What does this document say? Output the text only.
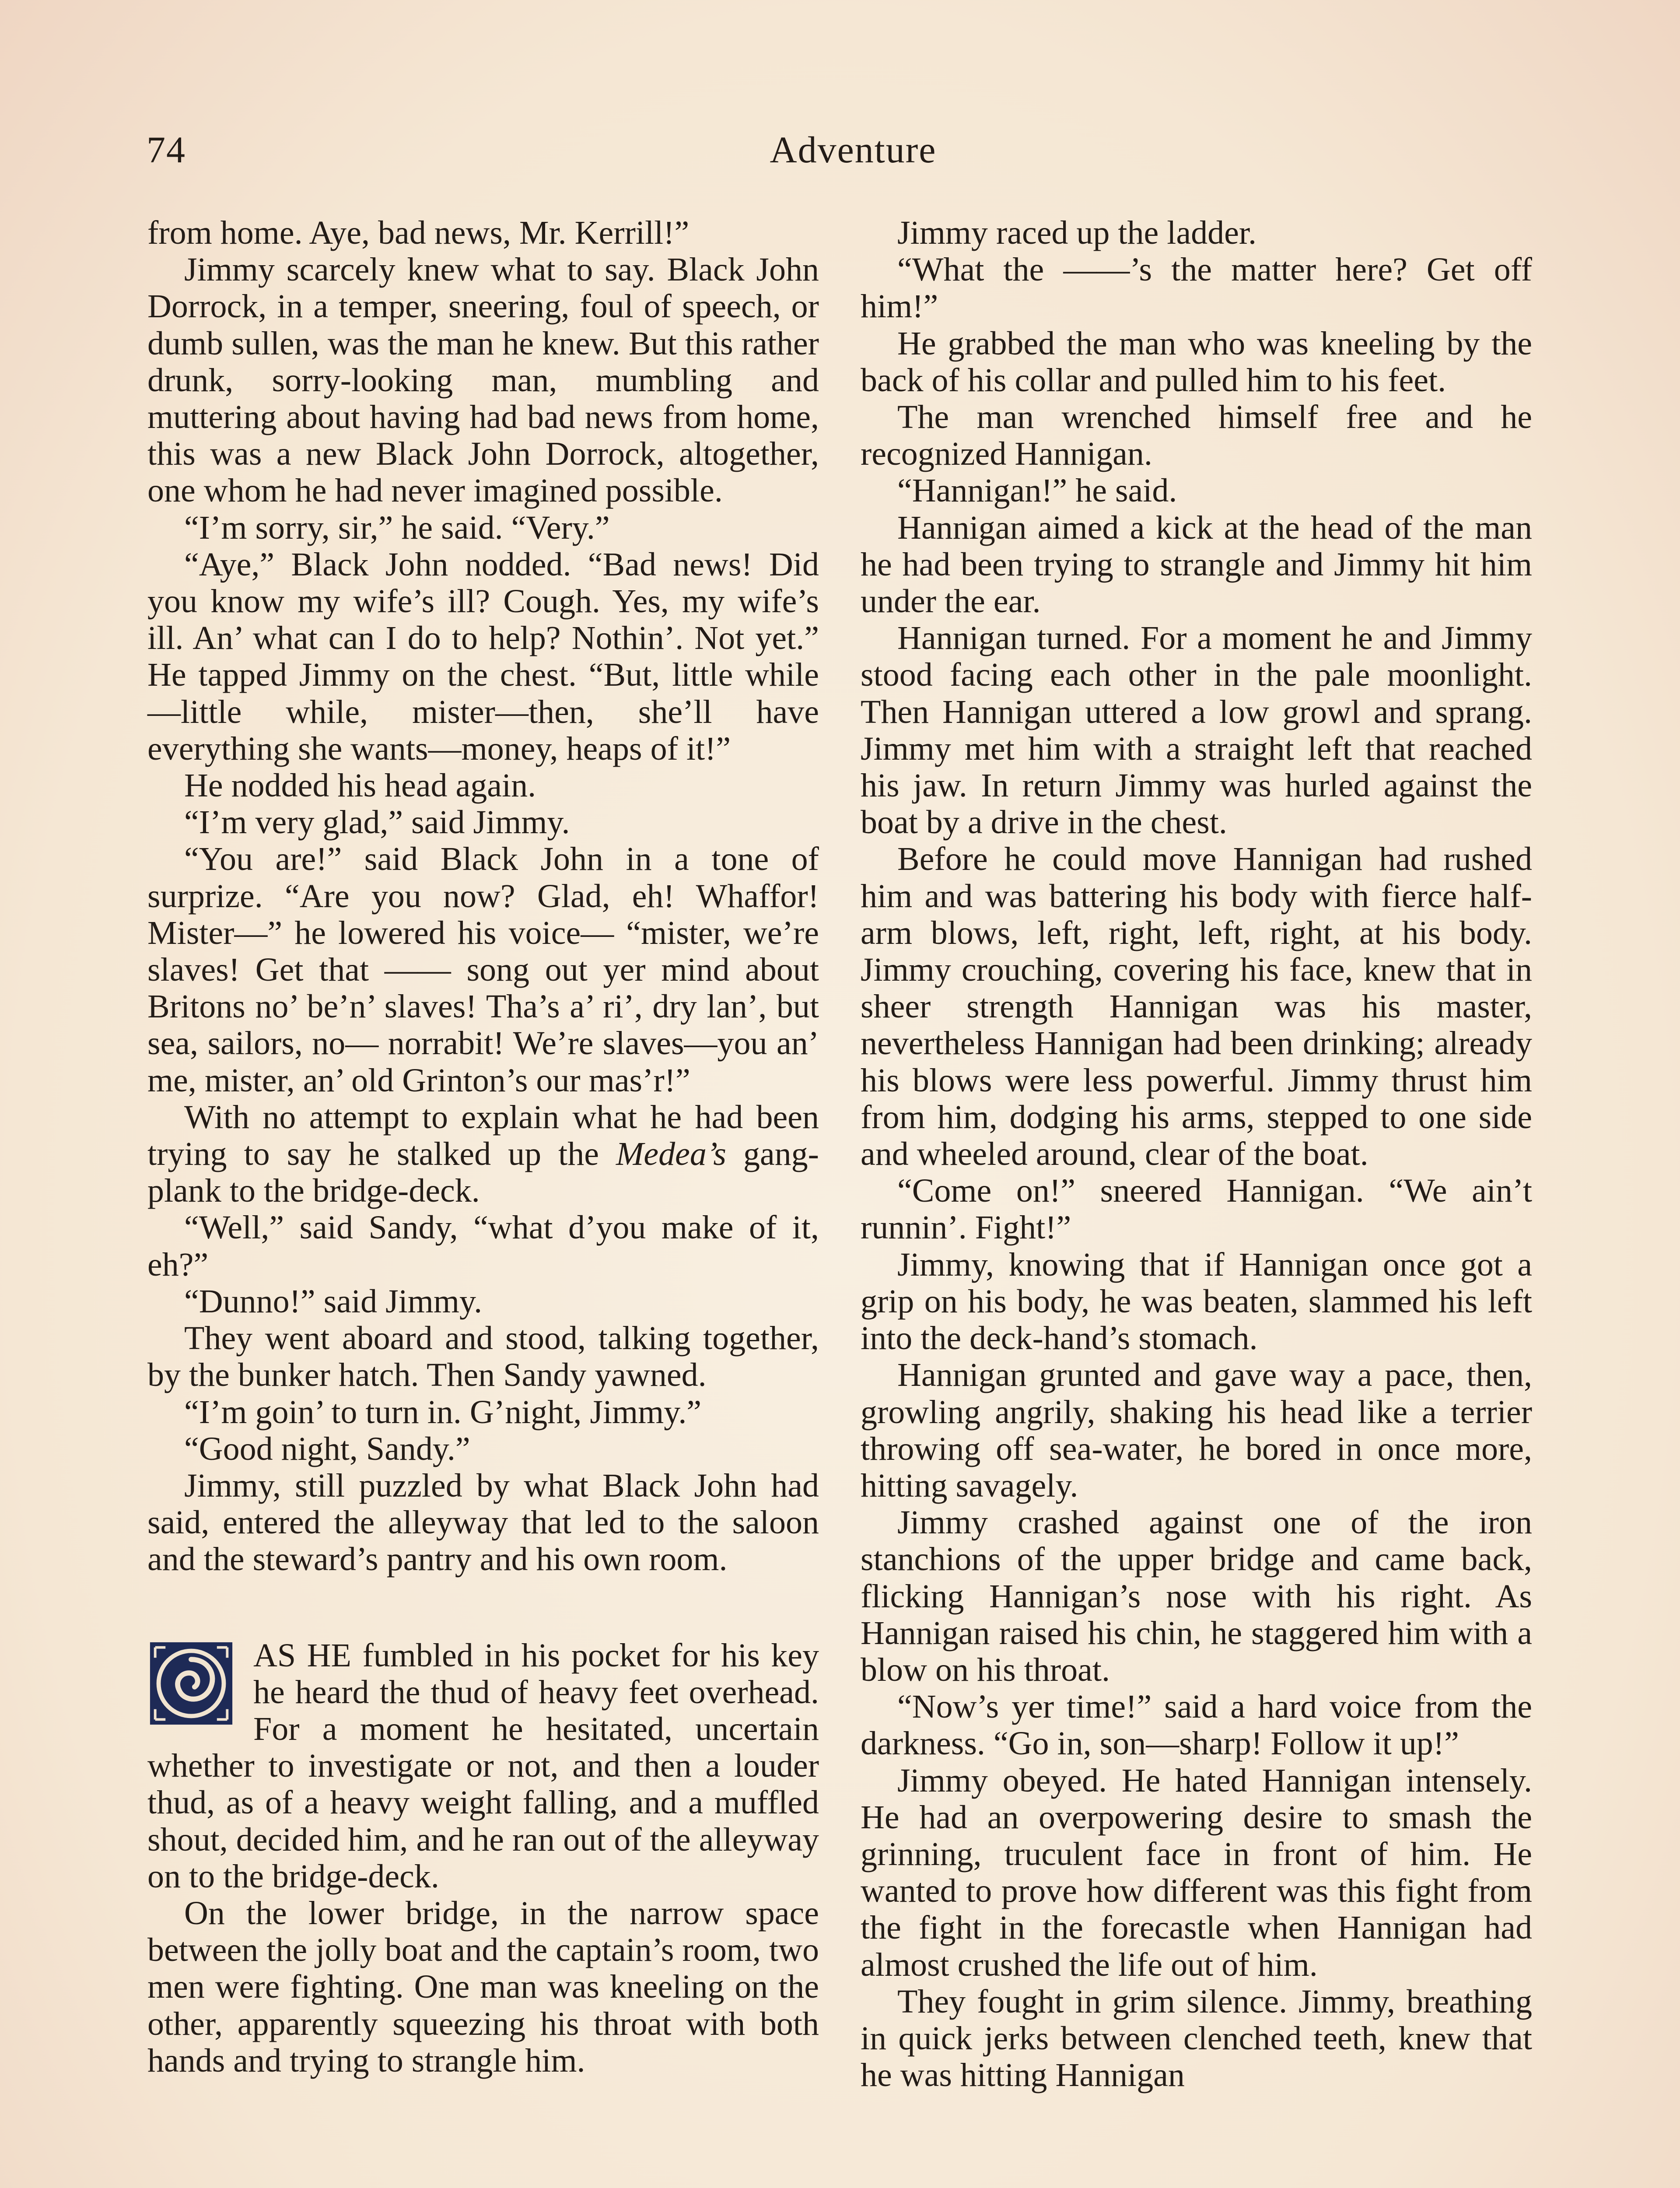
74	Adventure

from home. Aye, bad news, Mr. Kerrill!”

Jimmy scarcely knew what to say. Black John Dorrock, in a temper, sneering, foul of speech, or dumb sullen, was the man he knew. But this rather drunk, sorry-looking man, mumbling and muttering about having had bad news from home, this was a new Black John Dorrock, altogether, one whom he had never imagined possible.

“I’m sorry, sir,” he said. “Very.”

“Aye,” Black John nodded. “Bad news! Did you know my wife’s ill? Cough. Yes, my wife’s ill. An’ what can I do to help? Nothin’. Not yet.” He tapped Jimmy on the chest. “But, little while—little while, mister—then, she’ll have everything she wants—money, heaps of it!”

He nodded his head again.

“I’m very glad,” said Jimmy.

“You are!” said Black John in a tone of surprize. “Are you now? Glad, eh! Whaffor! Mister—” he lowered his voice— “mister, we’re slaves! Get that —— song out yer mind about Britons no’ be’n’ slaves! Tha’s a’ ri’, dry lan’, but sea, sailors, no— norrabit! We’re slaves—you an’ me, mister, an’ old Grinton’s our mas’r!”

With no attempt to explain what he had been trying to say he stalked up the Medea’s gang-plank to the bridge-deck.

“Well,” said Sandy, “what d’you make of it, eh?”

“Dunno!” said Jimmy.

They went aboard and stood, talking together, by the bunker hatch. Then Sandy yawned.

“I’m goin’ to turn in. G’night, Jimmy.”

“Good night, Sandy.”

Jimmy, still puzzled by what Black John had said, entered the alleyway that led to the saloon and the steward’s pantry and his own room.

AS HE fumbled in his pocket for his key he heard the thud of heavy feet overhead. For a moment he hesitated, uncertain whether to investigate or not, and then a louder thud, as of a heavy weight falling, and a muffled shout, decided him, and he ran out of the alleyway on to the bridge-deck.

On the lower bridge, in the narrow space between the jolly boat and the captain’s room, two men were fighting. One man was kneeling on the other, apparently squeezing his throat with both hands and trying to strangle him.

Jimmy raced up the ladder.

“What the ——’s the matter here? Get off him!”

He grabbed the man who was kneeling by the back of his collar and pulled him to his feet.

The man wrenched himself free and he recognized Hannigan.

“Hannigan!” he said.

Hannigan aimed a kick at the head of the man he had been trying to strangle and Jimmy hit him under the ear.

Hannigan turned. For a moment he and Jimmy stood facing each other in the pale moonlight. Then Hannigan uttered a low growl and sprang. Jimmy met him with a straight left that reached his jaw. In return Jimmy was hurled against the boat by a drive in the chest.

Before he could move Hannigan had rushed him and was battering his body with fierce half-arm blows, left, right, left, right, at his body. Jimmy crouching, covering his face, knew that in sheer strength Hannigan was his master, nevertheless Hannigan had been drinking; already his blows were less powerful. Jimmy thrust him from him, dodging his arms, stepped to one side and wheeled around, clear of the boat.

“Come on!” sneered Hannigan. “We ain’t runnin’. Fight!”

Jimmy, knowing that if Hannigan once got a grip on his body, he was beaten, slammed his left into the deck-hand’s stomach.

Hannigan grunted and gave way a pace, then, growling angrily, shaking his head like a terrier throwing off sea-water, he bored in once more, hitting savagely.

Jimmy crashed against one of the iron stanchions of the upper bridge and came back, flicking Hannigan’s nose with his right. As Hannigan raised his chin, he staggered him with a blow on his throat.

“Now’s yer time!” said a hard voice from the darkness. “Go in, son—sharp! Follow it up!”

Jimmy obeyed. He hated Hannigan intensely. He had an overpowering desire to smash the grinning, truculent face in front of him. He wanted to prove how different was this fight from the fight in the forecastle when Hannigan had almost crushed the life out of him.

They fought in grim silence. Jimmy, breathing in quick jerks between clenched teeth, knew that he was hitting Hannigan
